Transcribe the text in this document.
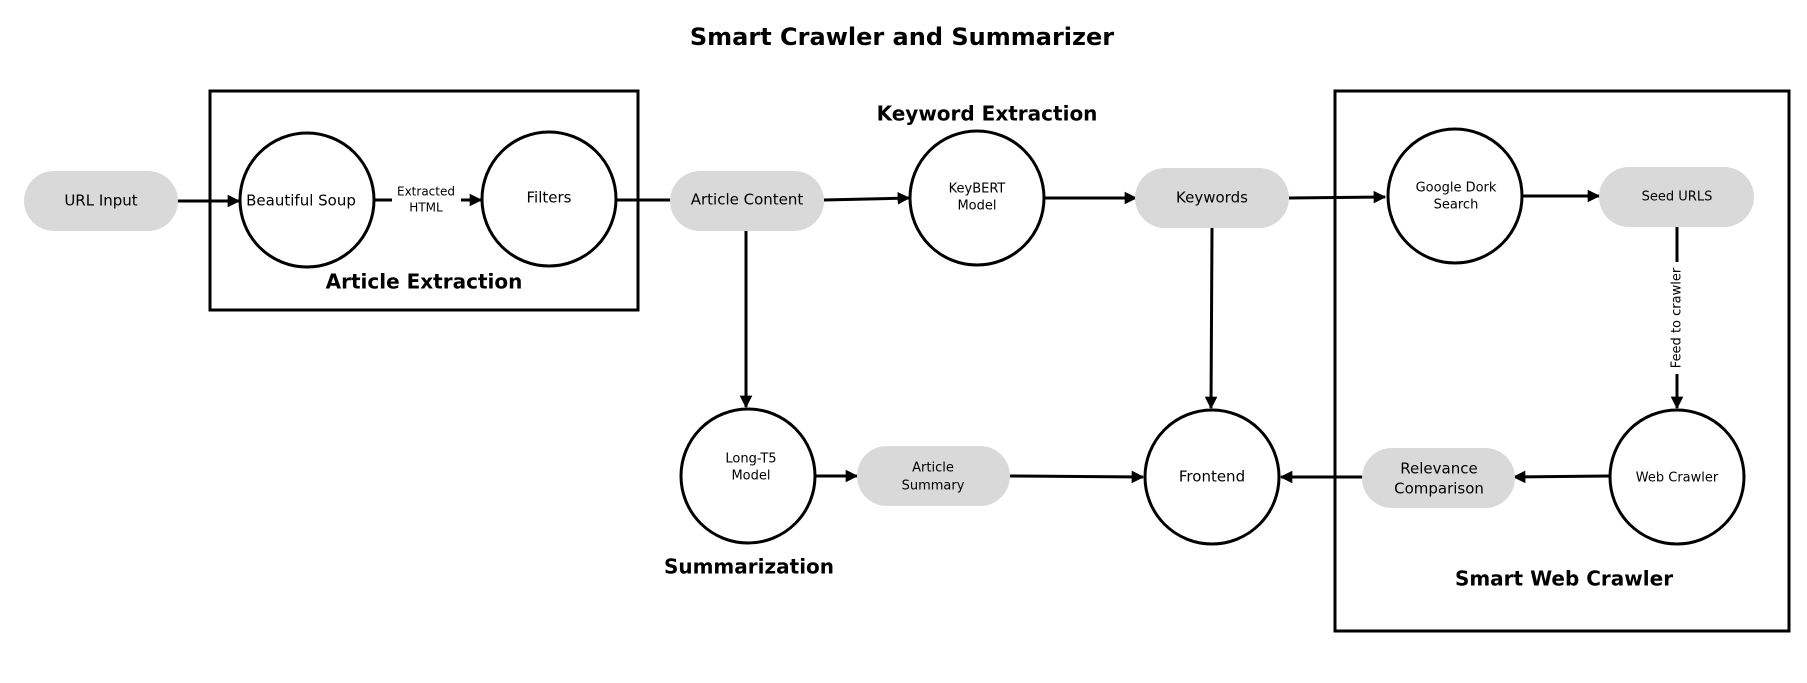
Smart Crawler and Summarizer
Article Extraction
Keyword Extraction
Summarization	Smart Web Crawler
Extracted
HTML
Feed to crawler
URL Input	Article Content	Keywords	Seed URLS
Article
Summary
Relevance
Comparison
Beautiful Soup	Filters	KeyBERT
Model
Google Dork
Search
Long-T5
Model	Frontend	Web Crawler
